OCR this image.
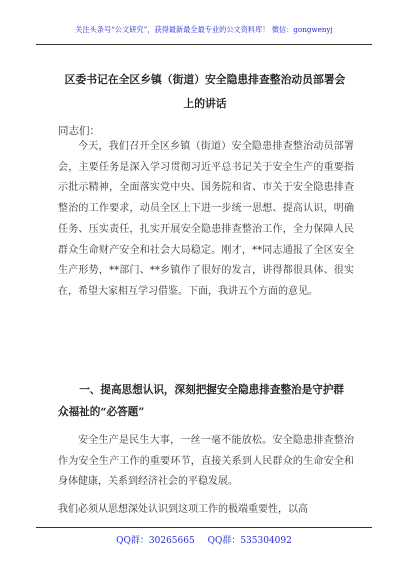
关注头条号“公文研究”，获得最新最全最专业的公文资料库！ 微信：gongwenyj
区委书记在全区乡镇（街道）安全隐患排查整治动员部署会上的讲话
同志们：

今天，我们召开全区乡镇（街道）安全隐患排查整治动员部署会，主要任务是深入学习贯彻习近平总书记关于安全生产的重要指示批示精神，全面落实党中央、国务院和省、市关于安全隐患排查整治的工作要求，动员全区上下进一步统一思想、提高认识，明确任务、压实责任，扎实开展安全隐患排查整治工作，全力保障人民群众生命财产安全和社会大局稳定。刚才，**同志通报了全区安全生产形势，**部门、**乡镇作了很好的发言，讲得都很具体、很实在，希望大家相互学习借鉴。下面，我讲五个方面的意见。

一、提高思想认识，深刻把握安全隐患排查整治是守护群众福祉的“必答题”

安全生产是民生大事，一丝一毫不能放松。安全隐患排查整治作为安全生产工作的重要环节，直接关系到人民群众的生命安全和身体健康，关系到经济社会的平稳发展。

我们必须从思想深处认识到这项工作的极端重要性，以高

QQ群：30265665 QQ群：535304092
